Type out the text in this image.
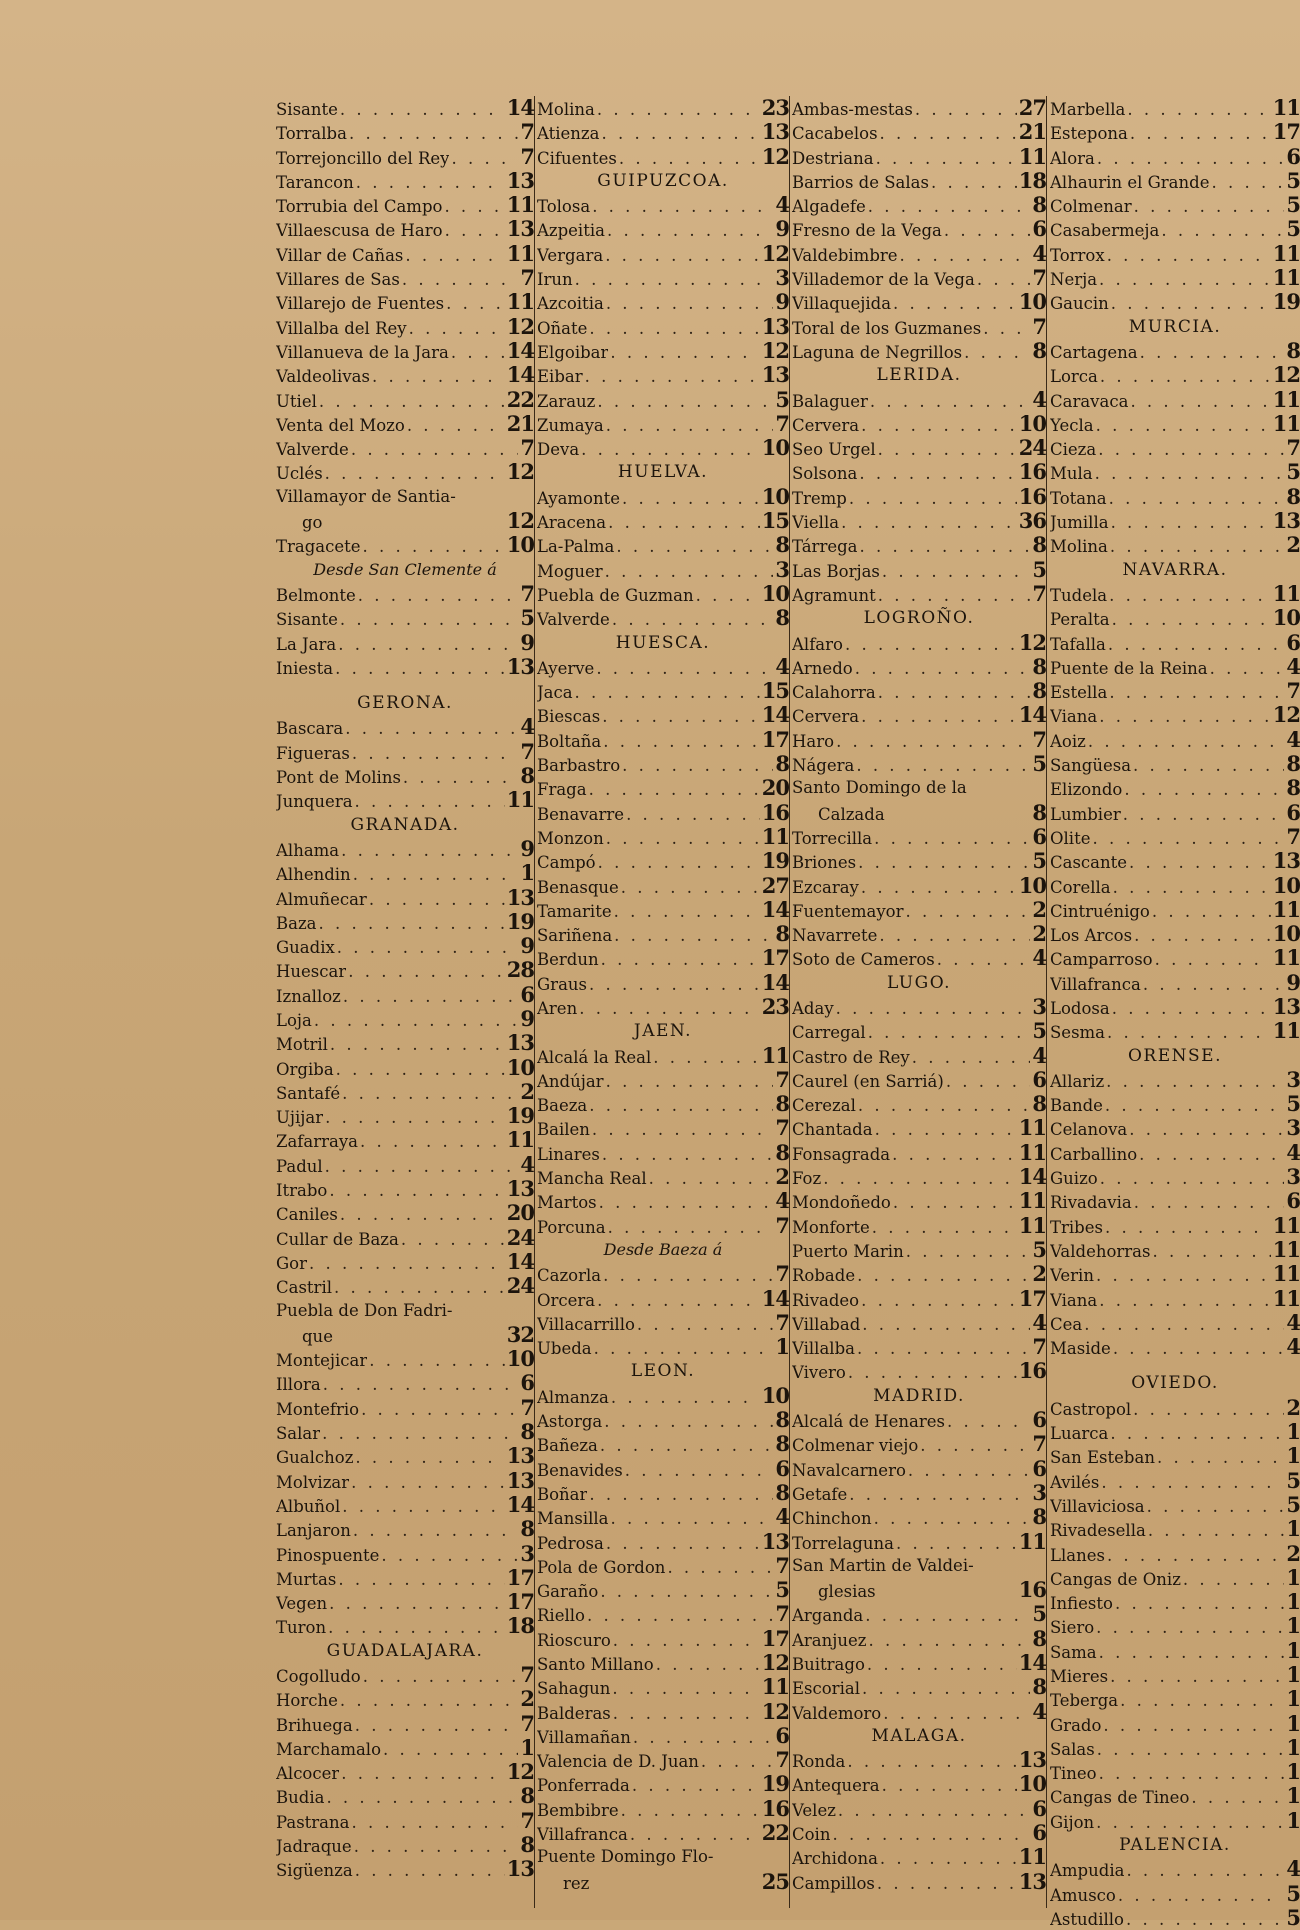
Sisante . . .	14
Torralba . . .	7
Torrejoncillo del Rey . . .	7
Tarancon . . .	13
Torrubia del Campo . . .	11
Villaescusa de Haro . . .	13
Villar de Cañas . . .	11
Villares de Sas . . .	7
Villarejo de Fuentes . . .	11
Villalba del Rey . . .	12
Villanueva de la Jara . . .	14
Valdeolivas . . .	14
Utiel . . .	22
Venta del Mozo . . .	21
Valverde . . .	7
Uclés . . .	12
Villamayor de Santia-
go	12
Tragacete . . .	10
Desde San Clemente á
Belmonte . . .	7
Sisante . . .	5
La Jara . . .	9
Iniesta . . .	13
GERONA.
Bascara . . .	4
Figueras . . .	7
Pont de Molins . . .	8
Junquera . . .	11
GRANADA.
Alhama . . .	9
Alhendin . . .	1
Almuñecar . . .	13
Baza . . .	19
Guadix . . .	9
Huescar . . .	28
Iznalloz . . .	6
Loja . . .	9
Motril . . .	13
Orgiba . . .	10
Santafé . . .	2
Ujijar . . .	19
Zafarraya . . .	11
Padul . . .	4
Itrabo . . .	13
Caniles . . .	20
Cullar de Baza . . .	24
Gor . . .	14
Castril . . .	24
Puebla de Don Fadri-
que	32
Montejicar . . .	10
Illora . . .	6
Montefrio . . .	7
Salar . . .	8
Gualchoz . . .	13
Molvizar . . .	13
Albuñol . . .	14
Lanjaron . . .	8
Pinospuente . . .	3
Murtas . . .	17
Vegen . . .	17
Turon . . .	18
GUADALAJARA.
Cogolludo . . .	7
Horche . . .	2
Brihuega . . .	7
Marchamalo . . .	1
Alcocer . . .	12
Budia . . .	8
Pastrana . . .	7
Jadraque . . .	8
Sigüenza . . .	13
Molina . . .	23
Atienza . . .	13
Cifuentes . . .	12
GUIPUZCOA.
Tolosa . . .	4
Azpeitia . . .	9
Vergara . . .	12
Irun . . .	3
Azcoitia . . .	9
Oñate . . .	13
Elgoibar . . .	12
Eibar . . .	13
Zarauz . . .	5
Zumaya . . .	7
Deva . . .	10
HUELVA.
Ayamonte . . .	10
Aracena . . .	15
La-Palma . . .	8
Moguer . . .	3
Puebla de Guzman . . .	10
Valverde . . .	8
HUESCA.
Ayerve . . .	4
Jaca . . .	15
Biescas . . .	14
Boltaña . . .	17
Barbastro . . .	8
Fraga . . .	20
Benavarre . . .	16
Monzon . . .	11
Campó . . .	19
Benasque . . .	27
Tamarite . . .	14
Sariñena . . .	8
Berdun . . .	17
Graus . . .	14
Aren . . .	23
JAEN.
Alcalá la Real . . .	11
Andújar . . .	7
Baeza . . .	8
Bailen . . .	7
Linares . . .	8
Mancha Real . . .	2
Martos . . .	4
Porcuna . . .	7
Desde Baeza á
Cazorla . . .	7
Orcera . . .	14
Villacarrillo . . .	7
Ubeda . . .	1
LEON.
Almanza . . .	10
Astorga . . .	8
Bañeza . . .	8
Benavides . . .	6
Boñar . . .	8
Mansilla . . .	4
Pedrosa . . .	13
Pola de Gordon . . .	7
Garaño . . .	5
Riello . . .	7
Rioscuro . . .	17
Santo Millano . . .	12
Sahagun . . .	11
Balderas . . .	12
Villamañan . . .	6
Valencia de D. Juan . . .	7
Ponferrada . . .	19
Bembibre . . .	16
Villafranca . . .	22
Puente Domingo Flo-
rez	25
Ambas-mestas . . .	27
Cacabelos . . .	21
Destriana . . .	11
Barrios de Salas . . .	18
Algadefe . . .	8
Fresno de la Vega . . .	6
Valdebimbre . . .	4
Villademor de la Vega . . .	7
Villaquejida . . .	10
Toral de los Guzmanes . . . 7
Laguna de Negrillos . . .	8
LERIDA.
Balaguer . . .	4
Cervera . . .	10
Seo Urgel . . .	24
Solsona . . .	16
Tremp . . .	16
Viella . . .	36
Tárrega . . .	8
Las Borjas . . .	5
Agramunt . . .	7
LOGROÑO.
Alfaro . . .	12
Arnedo . . .	8
Calahorra . . .	8
Cervera . . .	14
Haro . . .	7
Nágera . . .	5
Santo Domingo de la
Calzada	8
Torrecilla . . .	6
Briones . . .	5
Ezcaray . . .	10
Fuentemayor . . .	2
Navarrete . . .	2
Soto de Cameros . . .	4
LUGO.
Aday . . .	3
Carregal . . .	5
Castro de Rey . . .	4
Caurel (en Sarriá) . . .	6
Cerezal . . .	8
Chantada . . .	11
Fonsagrada . . .	11
Foz . . .	14
Mondoñedo . . .	11
Monforte . . .	11
Puerto Marin . . .	5
Robade . . .	2
Rivadeo . . .	17
Villabad . . .	4
Villalba . . .	7
Vivero . . .	16
MADRID.
Alcalá de Henares . . .	6
Colmenar viejo . . .	7
Navalcarnero . . .	6
Getafe . . .	3
Chinchon . . .	8
Torrelaguna . . .	11
San Martin de Valdei-
glesias	16
Arganda . . .	5
Aranjuez . . .	8
Buitrago . . .	14
Escorial . . .	8
Valdemoro . . .	4
MALAGA.
Ronda . . .	13
Antequera . . .	10
Velez . . .	6
Coin . . .	6
Archidona . . .	11
Campillos . . .	13
Marbella . . .	11
Estepona . . .	17
Alora . . .	6
Alhaurin el Grande . . .	5
Colmenar . . .	5
Casabermeja . . .	5
Torrox . . .	11
Nerja . . .	11
Gaucin . . .	19
MURCIA.
Cartagena . . .	8
Lorca . . .	12
Caravaca . . .	11
Yecla . . .	11
Cieza . . .	7
Mula . . .	5
Totana . . .	8
Jumilla . . .	13
Molina . . .	2
NAVARRA.
Tudela . . .	11
Peralta . . .	10
Tafalla . . .	6
Puente de la Reina . . .	4
Estella . . .	7
Viana . . .	12
Aoiz . . .	4
Sangüesa . . .	8
Elizondo . . .	8
Lumbier . . .	6
Olite . . .	7
Cascante . . .	13
Corella . . .	10
Cintruénigo . . .	11
Los Arcos . . .	10
Camparroso . . .	11
Villafranca . . .	9
Lodosa . . .	13
Sesma . . .	11
ORENSE.
Allariz . . .	3
Bande . . .	5
Celanova . . .	3
Carballino . . .	4
Guizo . . .	3
Rivadavia . . .	6
Tribes . . .	11
Valdehorras . . .	11
Verin . . .	11
Viana . . .	11
Cea . . .	4
Maside . . .	4
OVIEDO.
Castropol . . .	2
Luarca . . .	1
San Esteban . . .	1
Avilés . . .	5
Villaviciosa . . .	5
Rivadesella . . .	1
Llanes . . .	2
Cangas de Oniz . . .	1
Infiesto . . .	1
Siero . . .	1
Sama . . .	1
Mieres . . .	1
Teberga . . .	1
Grado . . .	1
Salas . . .	1
Tineo . . .	1
Cangas de Tineo . . .	1
Gijon . . .	1
PALENCIA.
Ampudia . . .	4
Amusco . . .	5
Astudillo . . .	5
